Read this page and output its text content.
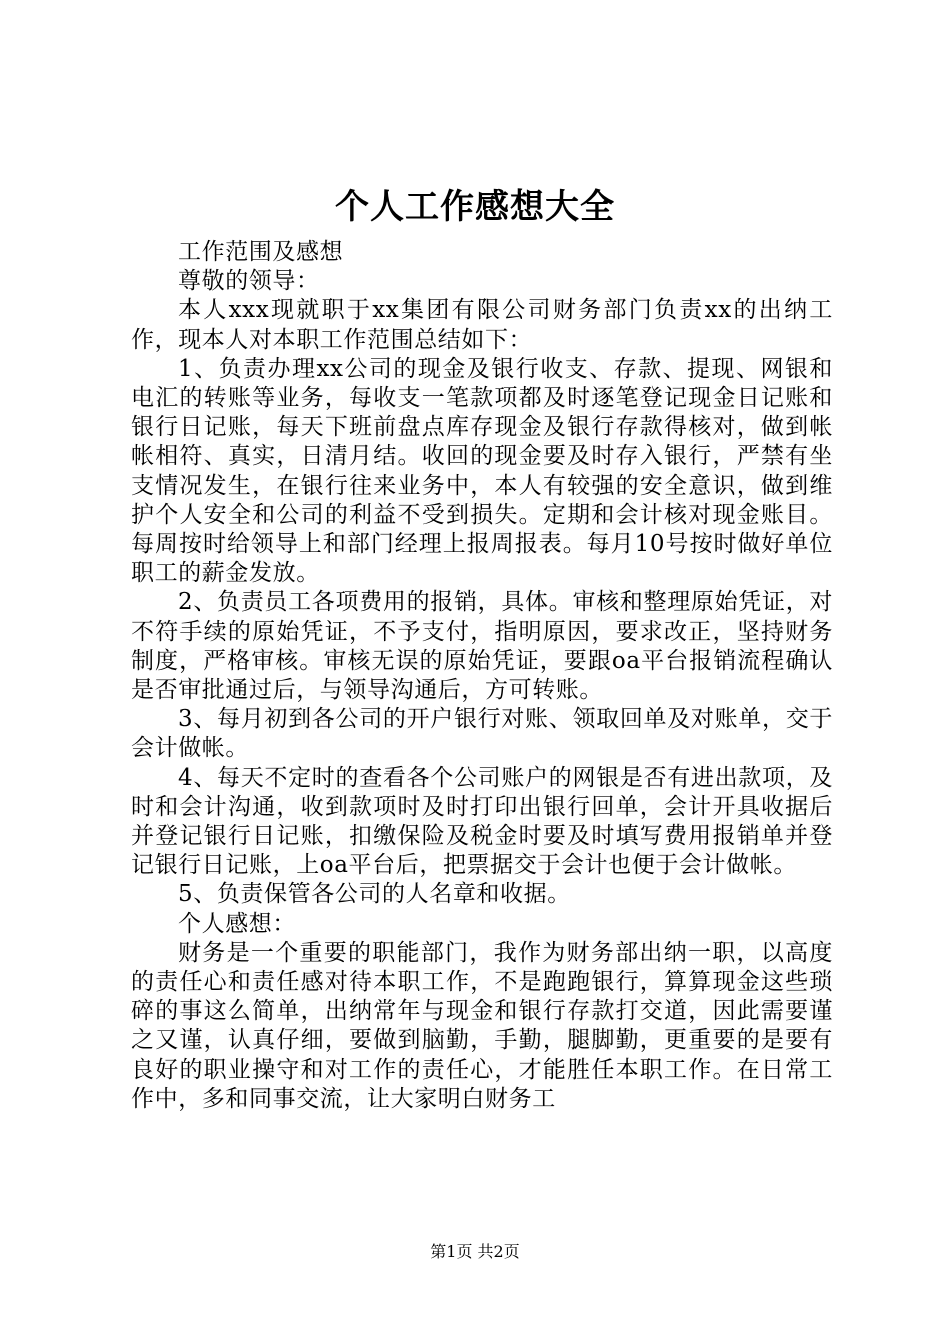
个人工作感想大全

工作范围及感想

尊敬的领导：

本人xxx现就职于xx集团有限公司财务部门负责xx的出纳工作，现本人对本职工作范围总结如下：

1、负责办理xx公司的现金及银行收支、存款、提现、网银和电汇的转账等业务，每收支一笔款项都及时逐笔登记现金日记账和银行日记账，每天下班前盘点库存现金及银行存款得核对，做到帐帐相符、真实，日清月结。收回的现金要及时存入银行，严禁有坐支情况发生，在银行往来业务中，本人有较强的安全意识，做到维护个人安全和公司的利益不受到损失。定期和会计核对现金账目。每周按时给领导上和部门经理上报周报表。每月10号按时做好单位职工的薪金发放。

2、负责员工各项费用的报销，具体。审核和整理原始凭证，对不符手续的原始凭证，不予支付，指明原因，要求改正，坚持财务制度，严格审核。审核无误的原始凭证，要跟oa平台报销流程确认是否审批通过后，与领导沟通后，方可转账。

3、每月初到各公司的开户银行对账、领取回单及对账单，交于会计做帐。

4、每天不定时的查看各个公司账户的网银是否有进出款项，及时和会计沟通，收到款项时及时打印出银行回单，会计开具收据后并登记银行日记账，扣缴保险及税金时要及时填写费用报销单并登记银行日记账，上oa平台后，把票据交于会计也便于会计做帐。

5、负责保管各公司的人名章和收据。

个人感想：

财务是一个重要的职能部门，我作为财务部出纳一职，以高度的责任心和责任感对待本职工作，不是跑跑银行，算算现金这些琐碎的事这么简单，出纳常年与现金和银行存款打交道，因此需要谨之又谨，认真仔细，要做到脑勤，手勤，腿脚勤，更重要的是要有良好的职业操守和对工作的责任心，才能胜任本职工作。在日常工作中，多和同事交流，让大家明白财务工

第1页 共2页
